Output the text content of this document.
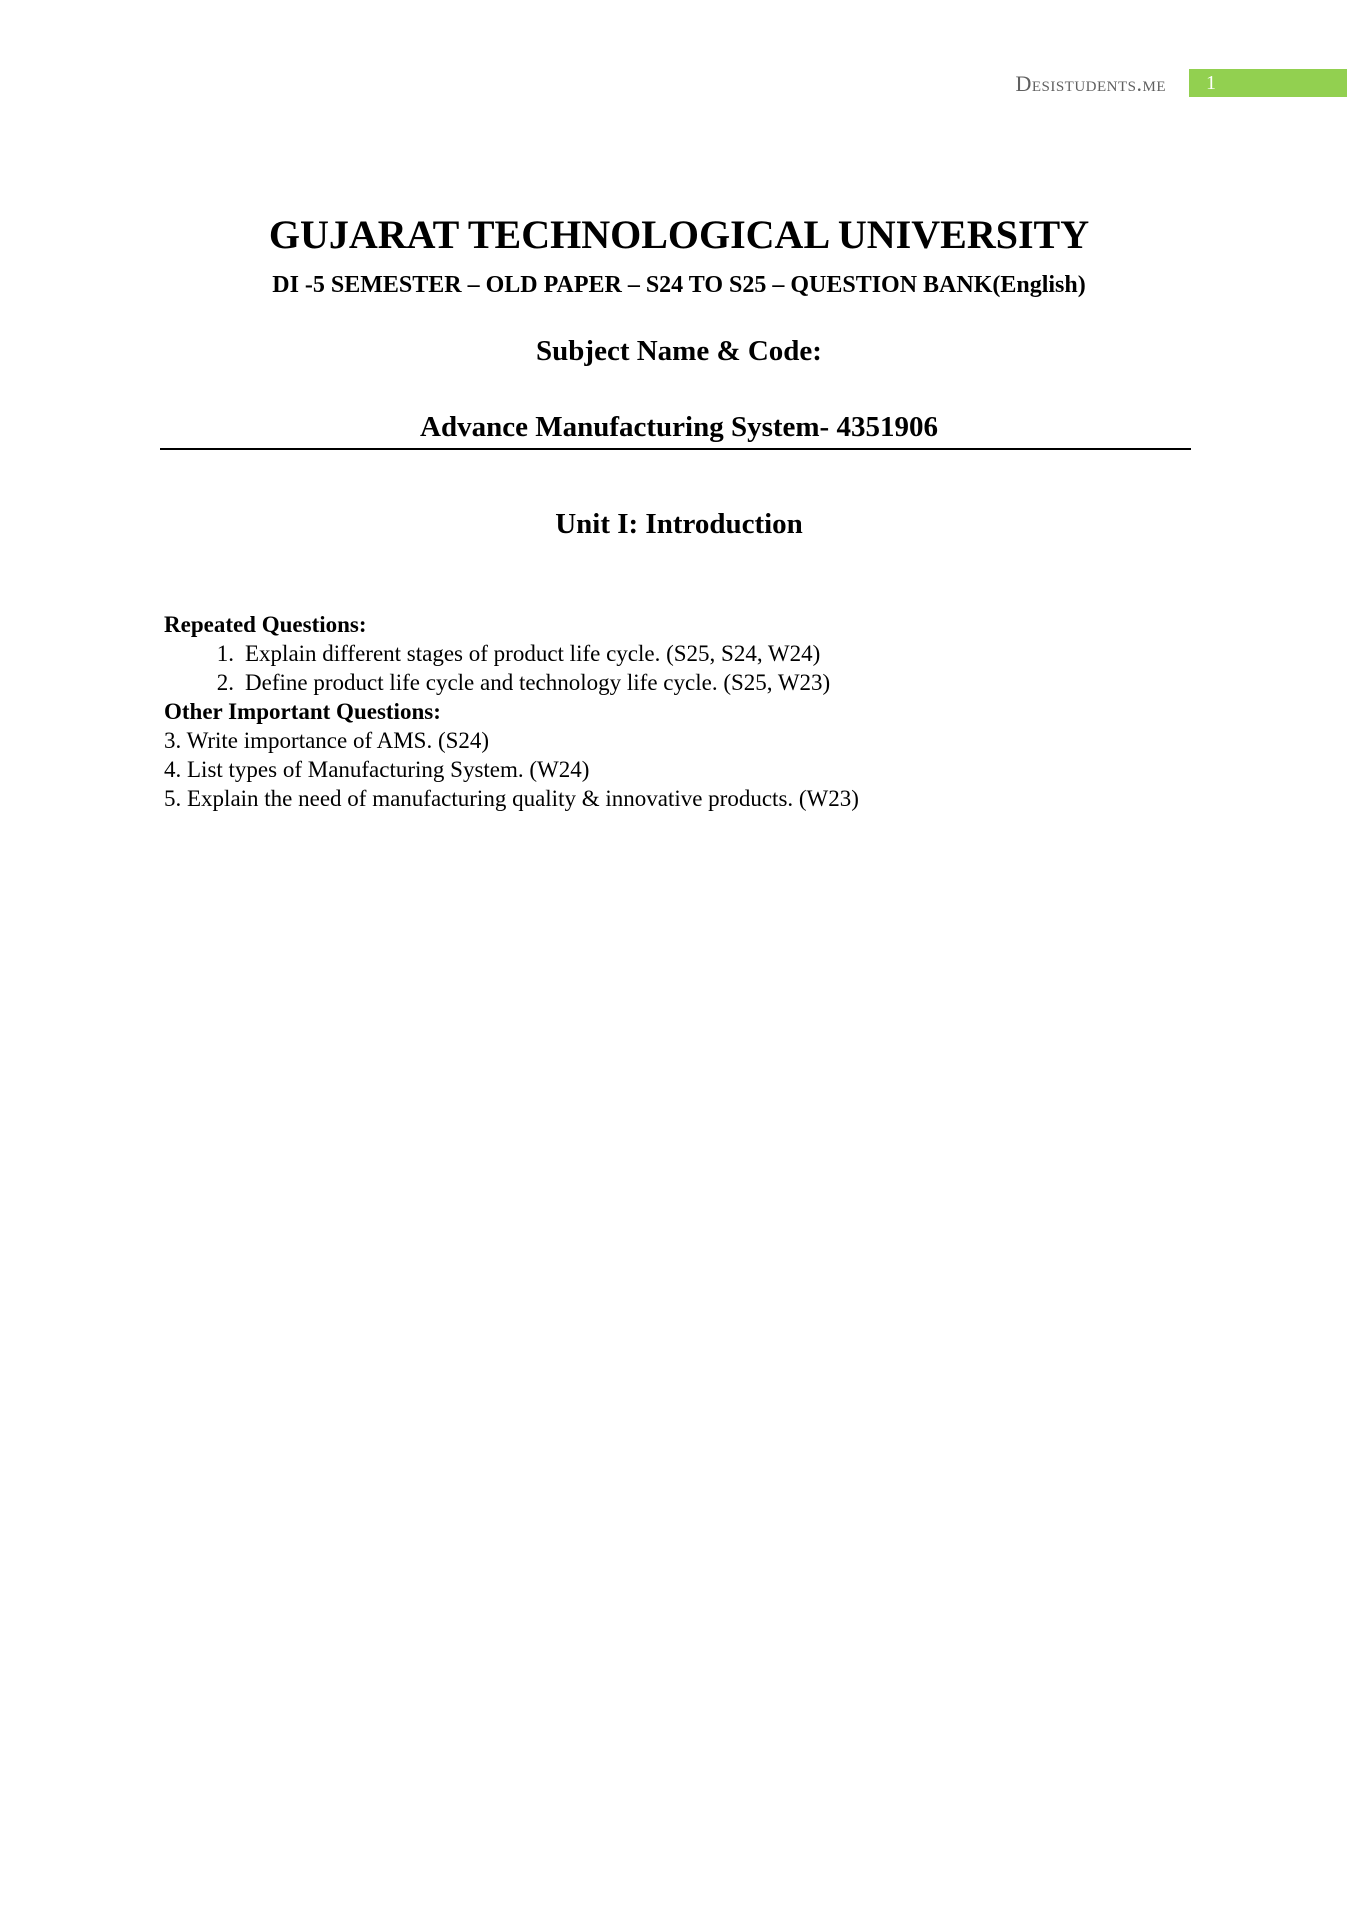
Desistudents.me	1
GUJARAT TECHNOLOGICAL UNIVERSITY
DI -5 SEMESTER – OLD PAPER – S24 TO S25 – QUESTION BANK(English)
Subject Name & Code:
Advance Manufacturing System- 4351906
Unit I: Introduction
Repeated Questions:
1. Explain different stages of product life cycle. (S25, S24, W24)
2. Define product life cycle and technology life cycle. (S25, W23)
Other Important Questions:
3. Write importance of AMS. (S24)
4. List types of Manufacturing System. (W24)
5. Explain the need of manufacturing quality & innovative products. (W23)
